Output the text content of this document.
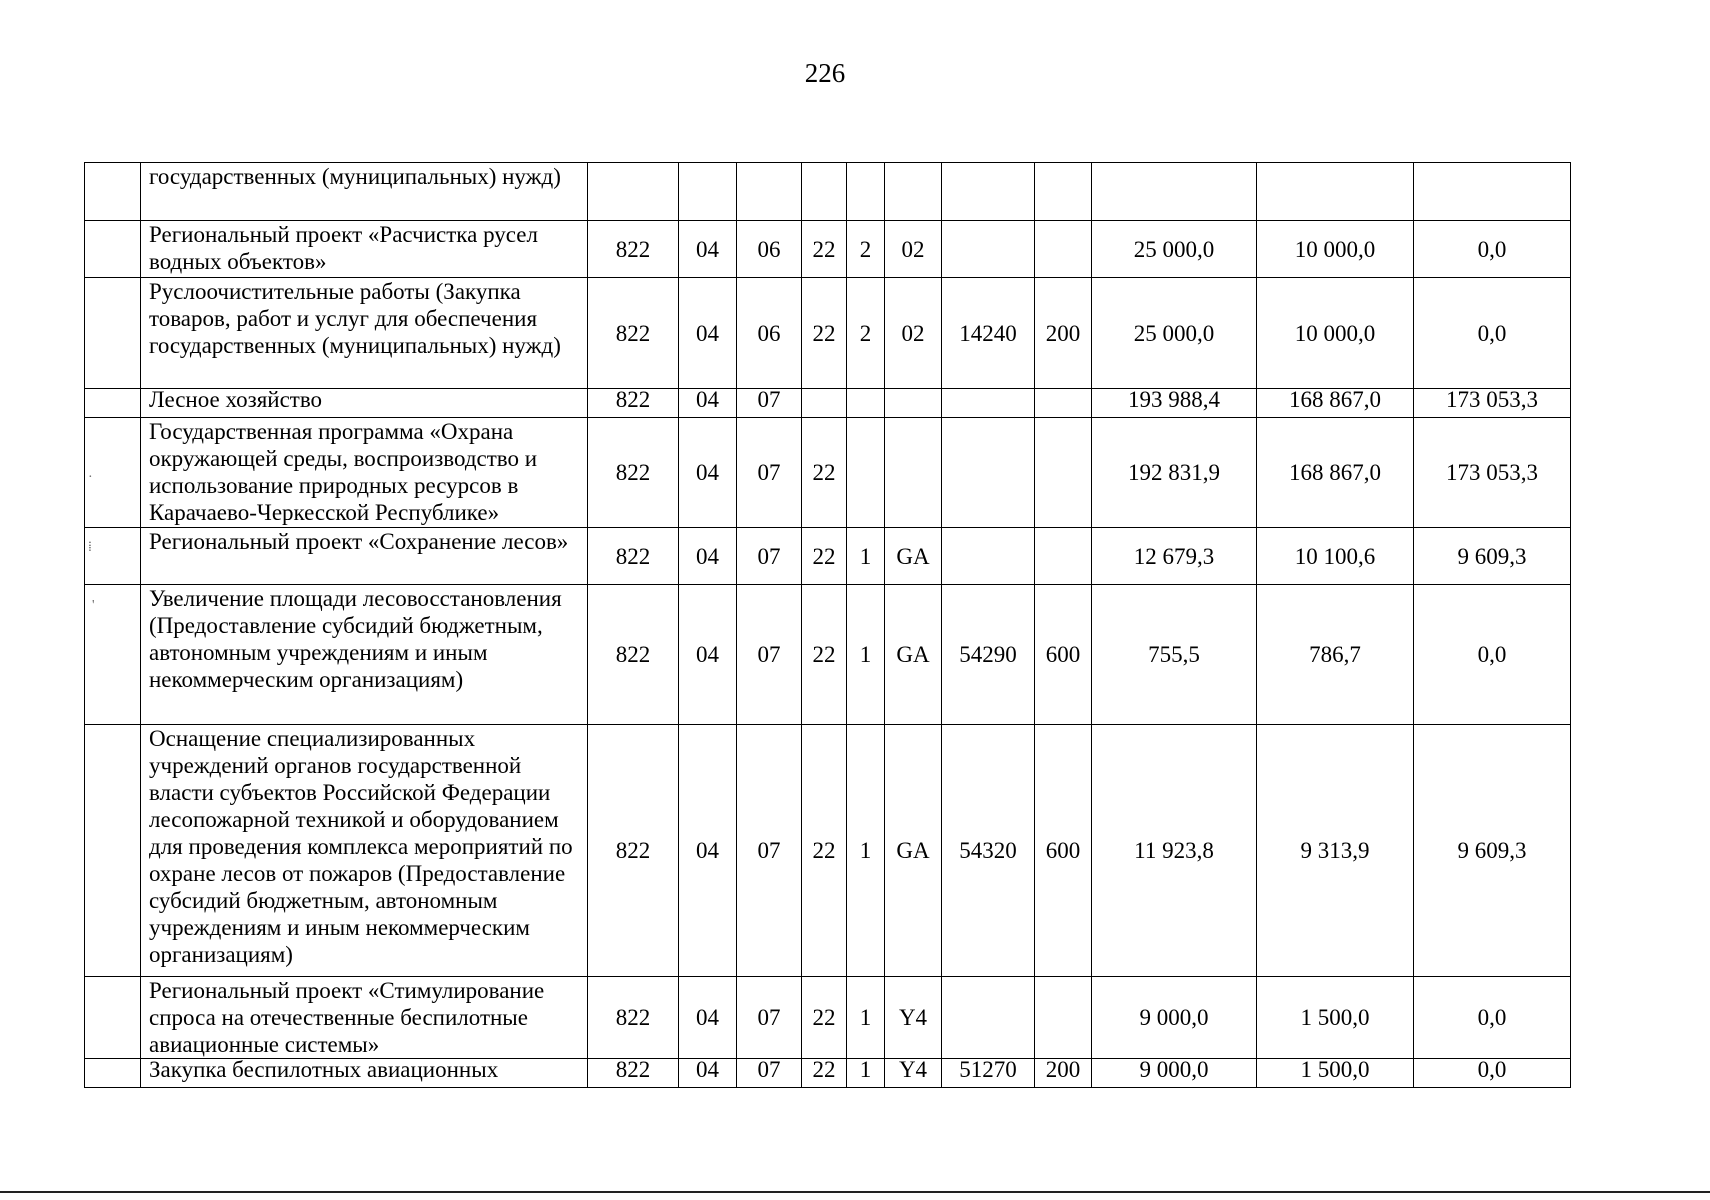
226
	государственных (муниципальных) нужд)											
	Региональный проект «Расчистка русел водных объектов»	822	04	06	22	2	02			25 000,0	10 000,0	0,0
	Руслоочистительные работы (Закупка товаров, работ и услуг для обеспечения государственных (муниципальных) нужд)	822	04	06	22	2	02	14240	200	25 000,0	10 000,0	0,0
	Лесное хозяйство	822	04	07						193 988,4	168 867,0	173 053,3
	Государственная программа «Охрана окружающей среды, воспроизводство и использование природных ресурсов в Карачаево-Черкесской Республике»	822	04	07	22					192 831,9	168 867,0	173 053,3
	Региональный проект «Сохранение лесов»	822	04	07	22	1	GA			12 679,3	10 100,6	9 609,3
	Увеличение площади лесовосстановления (Предоставление субсидий бюджетным, автономным учреждениям и иным некоммерческим организациям)	822	04	07	22	1	GA	54290	600	755,5	786,7	0,0
	Оснащение специализированных учреждений органов государственной власти субъектов Российской Федерации лесопожарной техникой и оборудованием для проведения комплекса мероприятий по охране лесов от пожаров (Предоставление субсидий бюджетным, автономным учреждениям и иным некоммерческим организациям)	822	04	07	22	1	GA	54320	600	11 923,8	9 313,9	9 609,3
	Региональный проект «Стимулирование спроса на отечественные беспилотные авиационные системы»	822	04	07	22	1	Y4			9 000,0	1 500,0	0,0
	Закупка беспилотных авиационных	822	04	07	22	1	Y4	51270	200	9 000,0	1 500,0	0,0
·
⁞
'
